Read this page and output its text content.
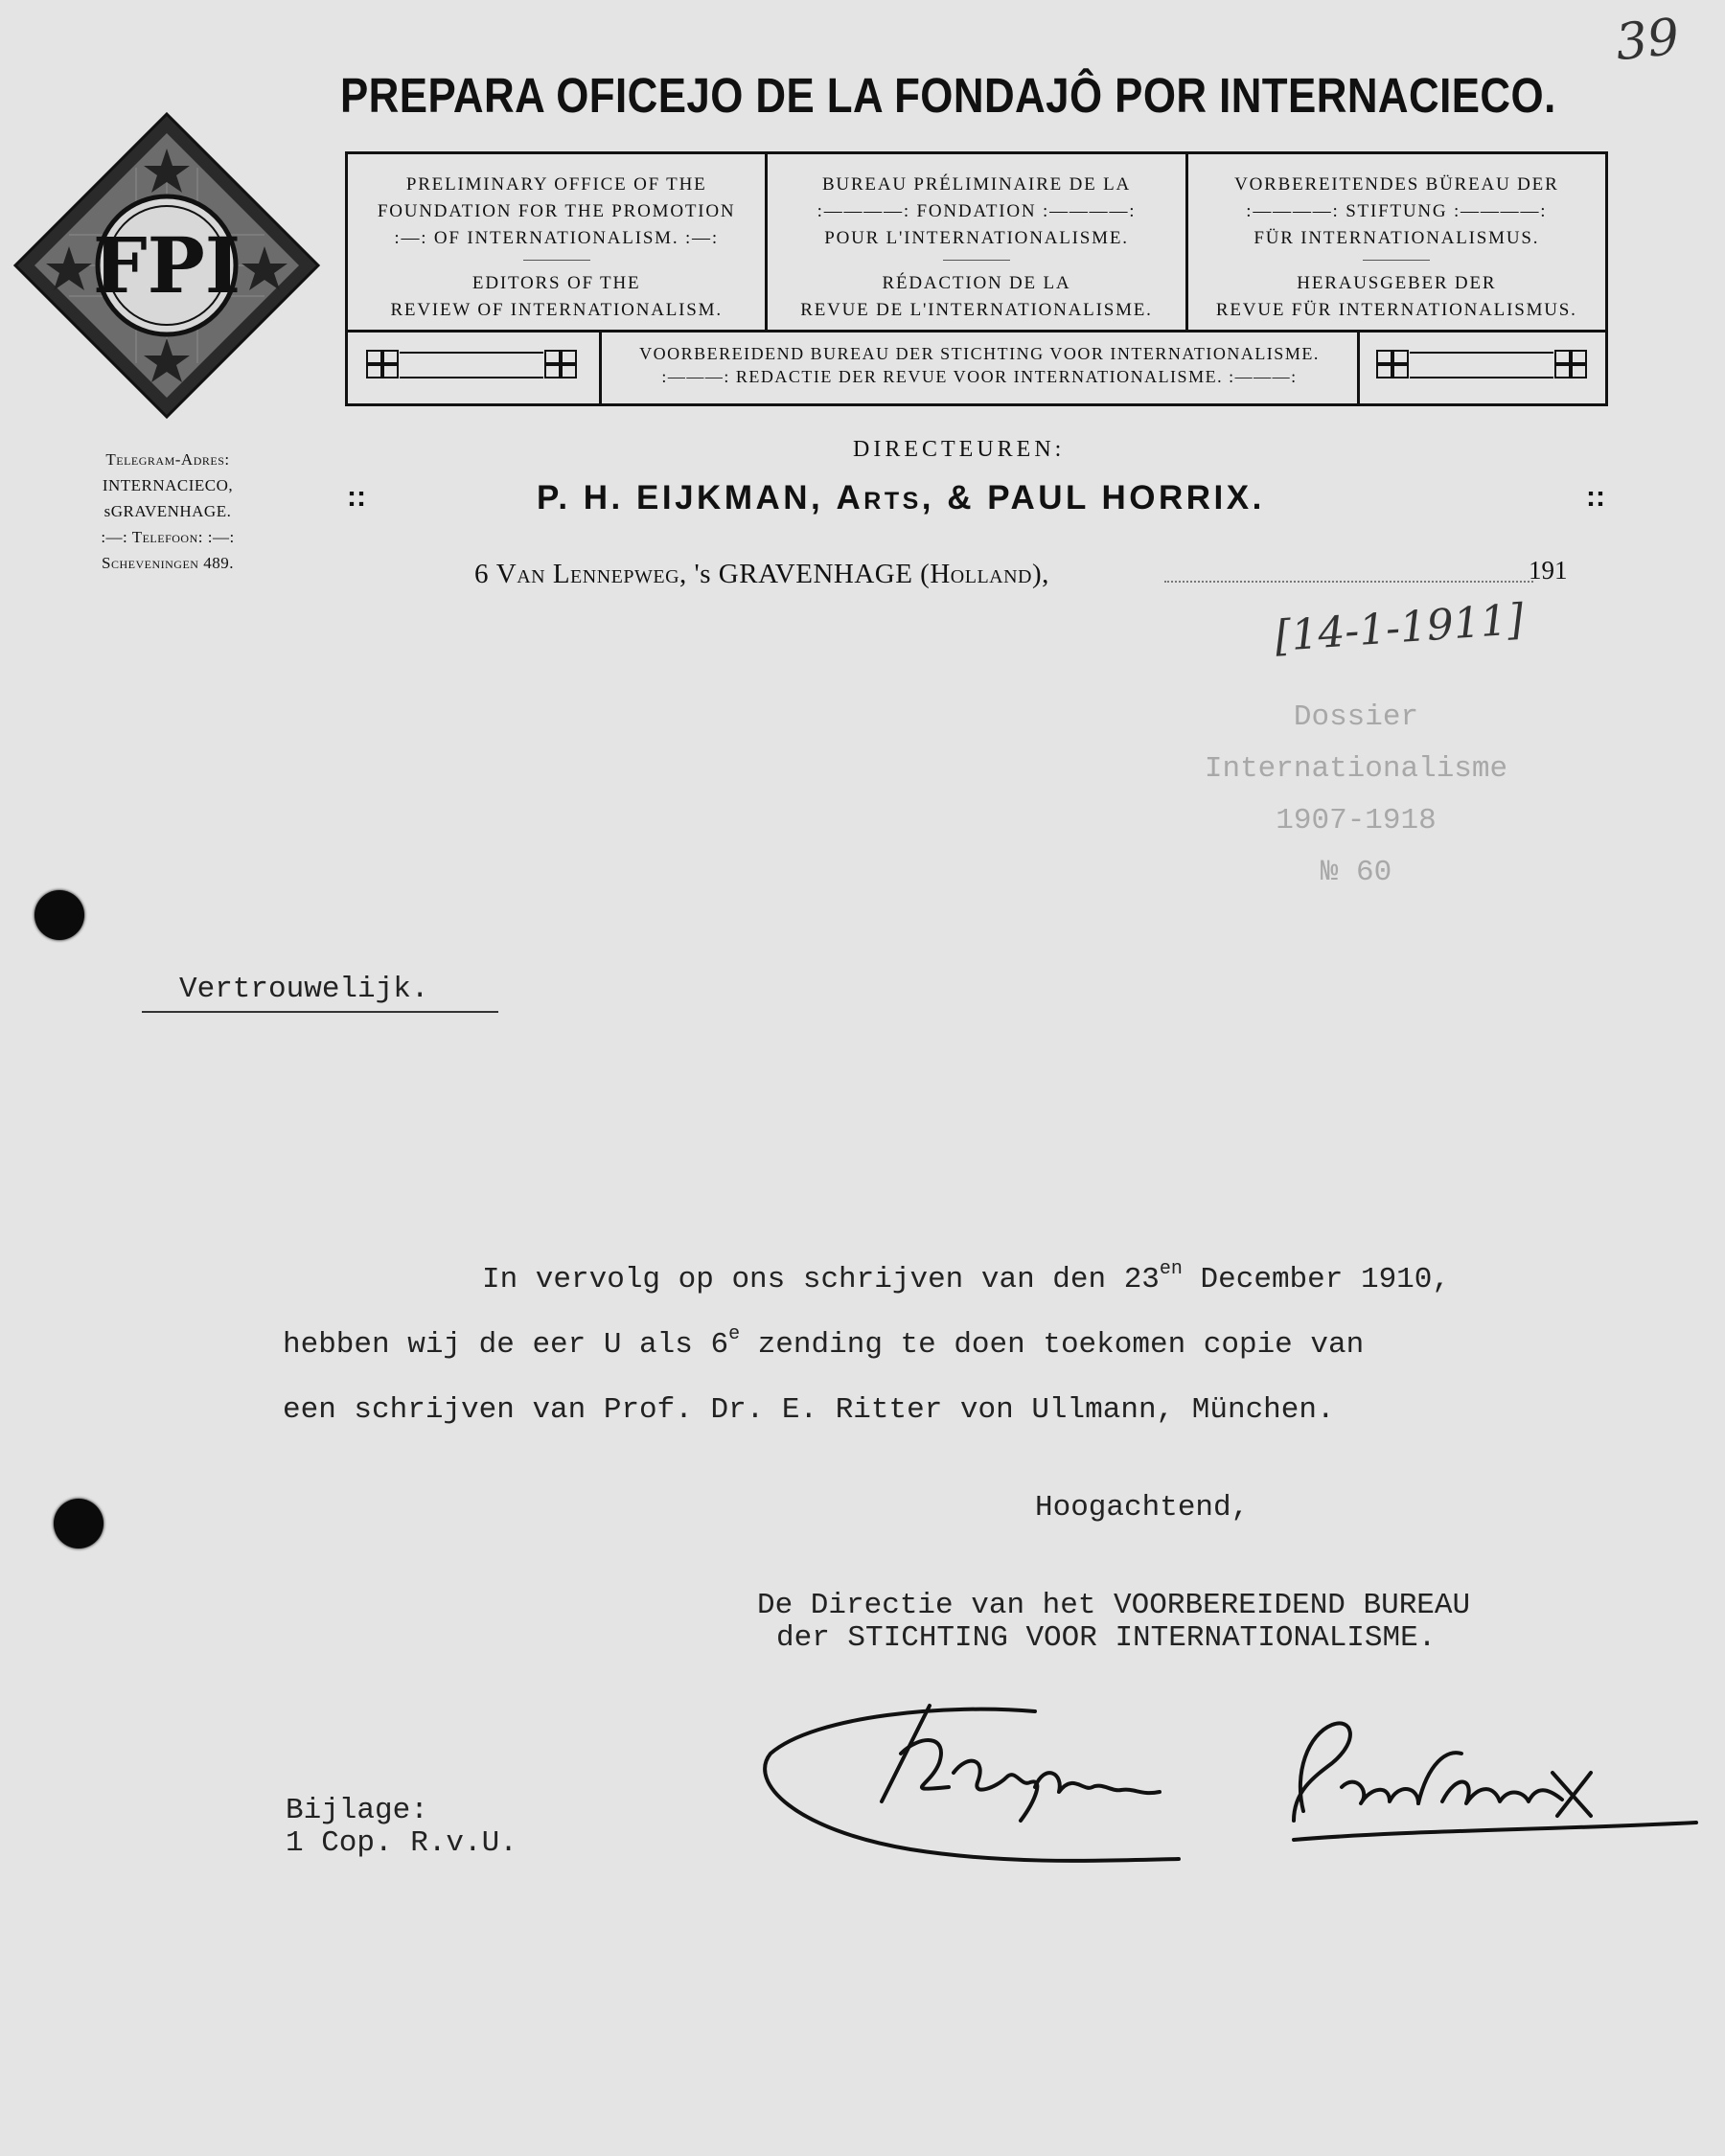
39
FPI
PREPARA OFICEJO DE LA FONDAJÔ POR INTERNACIECO.
PRELIMINARY OFFICE OF THE
FOUNDATION FOR THE PROMOTION
:—: OF INTERNATIONALISM. :—:
EDITORS OF THE
REVIEW OF INTERNATIONALISM.
BUREAU PRÉLIMINAIRE DE LA
:————: FONDATION :————:
POUR L'INTERNATIONALISME.
RÉDACTION DE LA
REVUE DE L'INTERNATIONALISME.
VORBEREITENDES BÜREAU DER
:————: STIFTUNG :————:
FÜR INTERNATIONALISMUS.
HERAUSGEBER DER
REVUE FÜR INTERNATIONALISMUS.
VOORBEREIDEND BUREAU DER STICHTING VOOR INTERNATIONALISME.
:———: REDACTIE DER REVUE VOOR INTERNATIONALISME. :———:
Telegram-Adres:
INTERNACIECO,
sGRAVENHAGE.
:—: Telefoon: :—:
Scheveningen 489.
DIRECTEUREN:
::	P. H. EIJKMAN, Arts, & PAUL HORRIX.	::
6 Van Lennepweg, 's GRAVENHAGE (Holland),	191
[14-1-1911]
Dossier
Internationalisme
1907-1918
№ 60
Vertrouwelijk.
In vervolg op ons schrijven van den $23^{en}$ December 1910,
hebben wij de eer U als 6e zending te doen toekomen copie van
een schrijven van Prof. Dr. E. Ritter von Ullmann, München.
Hoogachtend,
De Directie van het VOORBEREIDEND BUREAU
der STICHTING VOOR INTERNATIONALISME.
Bijlage:
1 Cop. R.v.U.
